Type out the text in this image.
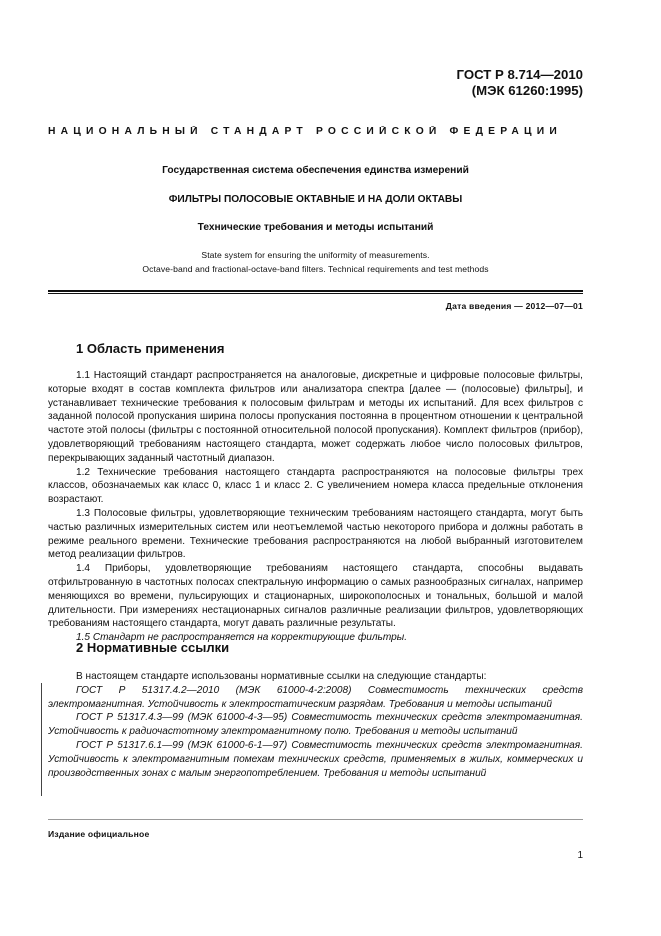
ГОСТ Р 8.714—2010
(МЭК 61260:1995)
НАЦИОНАЛЬНЫЙ СТАНДАРТ РОССИЙСКОЙ ФЕДЕРАЦИИ
Государственная система обеспечения единства измерений
ФИЛЬТРЫ ПОЛОСОВЫЕ ОКТАВНЫЕ И НА ДОЛИ ОКТАВЫ
Технические требования и методы испытаний
State system for ensuring the uniformity of measurements.
Octave-band and fractional-octave-band filters. Technical requirements and test methods
Дата введения — 2012—07—01
1 Область применения

1.1 Настоящий стандарт распространяется на аналоговые, дискретные и цифровые полосовые фильтры, которые входят в состав комплекта фильтров или анализатора спектра [далее — (полосовые) фильтры], и устанавливает технические требования к полосовым фильтрам и методы их испытаний. Для всех фильтров с заданной полосой пропускания ширина полосы пропускания постоянна в процентном отношении к центральной частоте этой полосы (фильтры с постоянной относительной полосой пропускания). Комплект фильтров (прибор), удовлетворяющий требованиям настоящего стандарта, может содержать любое число полосовых фильтров, перекрывающих заданный частотный диапазон.

1.2 Технические требования настоящего стандарта распространяются на полосовые фильтры трех классов, обозначаемых как класс 0, класс 1 и класс 2. С увеличением номера класса предельные отклонения возрастают.

1.3 Полосовые фильтры, удовлетворяющие техническим требованиям настоящего стандарта, могут быть частью различных измерительных систем или неотъемлемой частью некоторого прибора и должны работать в режиме реального времени. Технические требования распространяются на любой выбранный изготовителем метод реализации фильтров.

1.4 Приборы, удовлетворяющие требованиям настоящего стандарта, способны выдавать отфильтрованную в частотных полосах спектральную информацию о самых разнообразных сигналах, например меняющихся во времени, пульсирующих и стационарных, широкополосных и тональных, большой и малой длительности. При измерениях нестационарных сигналов различные реализации фильтров, удовлетворяющих требованиям настоящего стандарта, могут давать различные результаты.

1.5 Стандарт не распространяется на корректирующие фильтры.

2 Нормативные ссылки

В настоящем стандарте использованы нормативные ссылки на следующие стандарты:

ГОСТ Р 51317.4.2—2010 (МЭК 61000-4-2:2008) Совместимость технических средств электромагнитная. Устойчивость к электростатическим разрядам. Требования и методы испытаний

ГОСТ Р 51317.4.3—99 (МЭК 61000-4-3—95) Совместимость технических средств электромагнитная. Устойчивость к радиочастотному электромагнитному полю. Требования и методы испытаний

ГОСТ Р 51317.6.1—99 (МЭК 61000-6-1—97) Совместимость технических средств электромагнитная. Устойчивость к электромагнитным помехам технических средств, применяемых в жилых, коммерческих и производственных зонах с малым энергопотреблением. Требования и методы испытаний

Издание официальное
1
